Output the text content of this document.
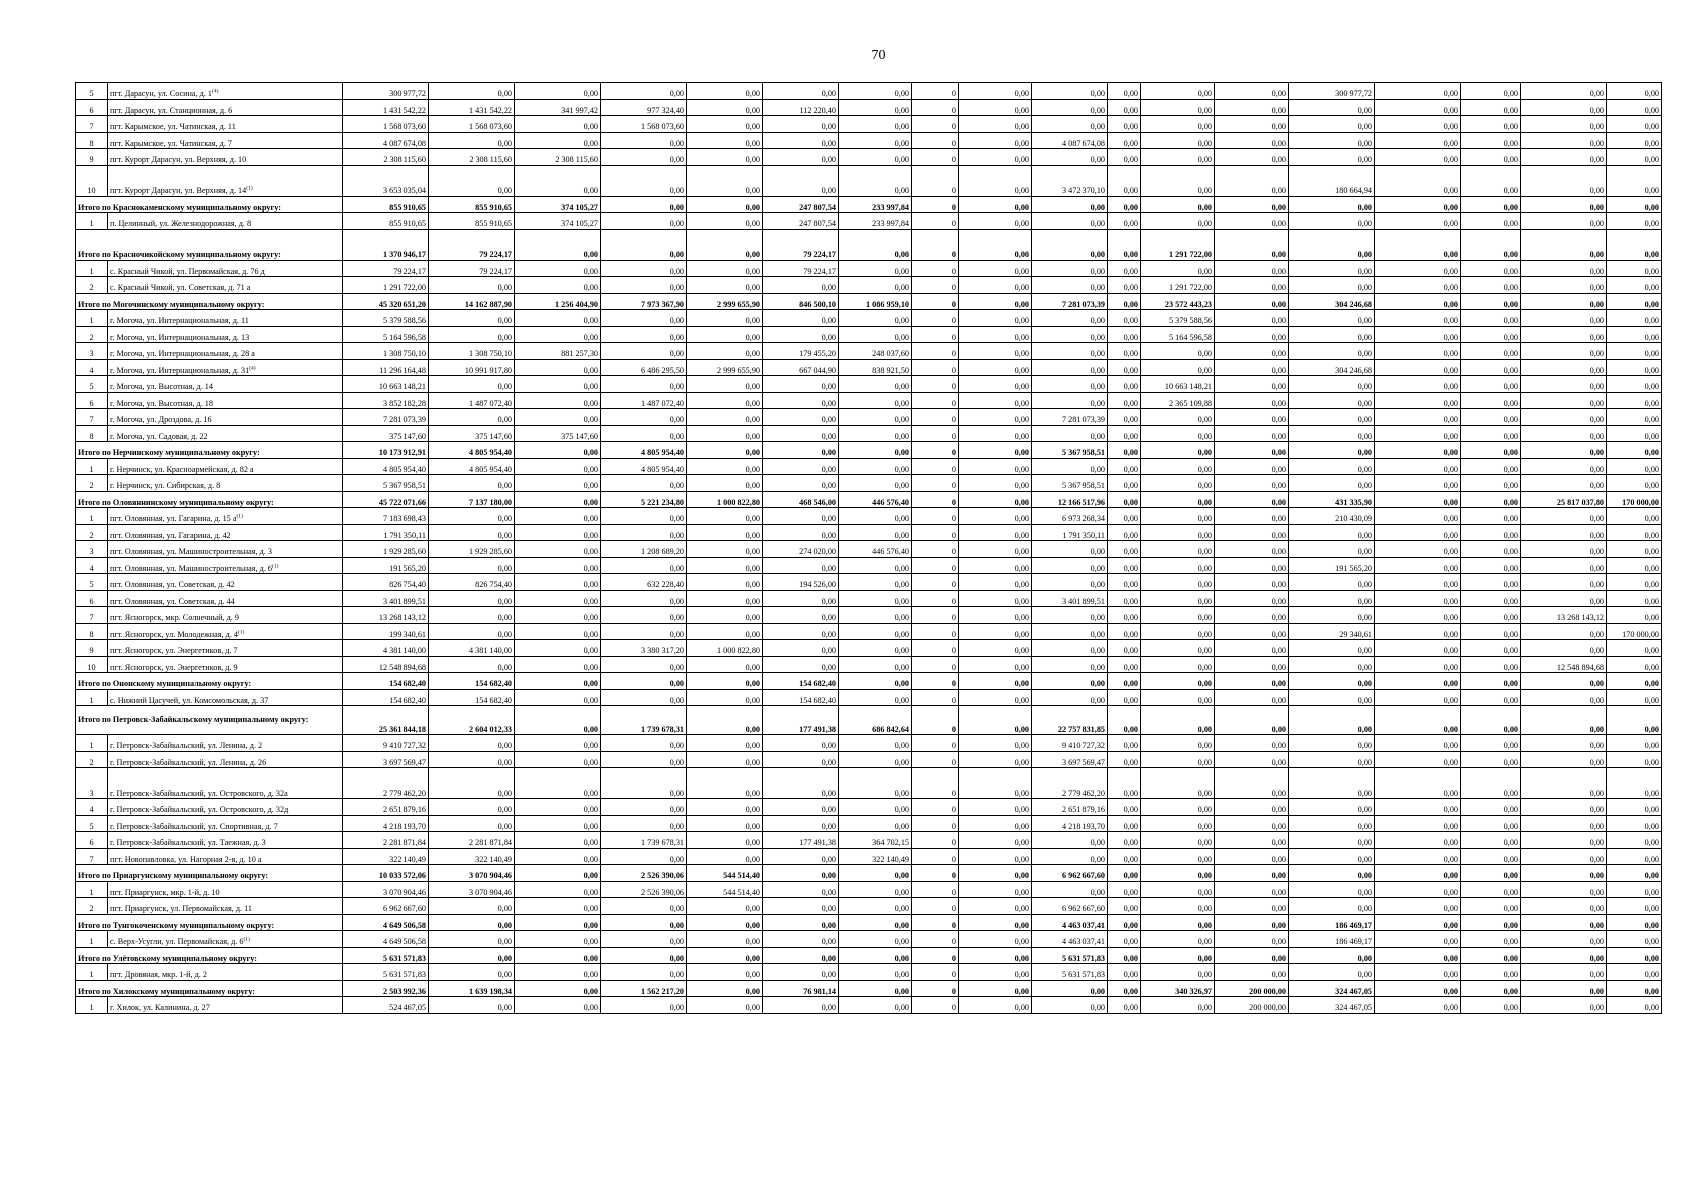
70
5	пгт. Дарасун, ул. Сосина, д. 1$^{(4)}$	300 977,72	0,00	0,00	0,00	0,00	0,00	0,00	0	0,00	0,00	0,00	0,00	0,00	300 977,72	0,00	0,00	0,00	0,00
6	пгт. Дарасун, ул. Станционная, д. 6	1 431 542,22	1 431 542,22	341 997,42	977 324,40	0,00	112 220,40	0,00	0	0,00	0,00	0,00	0,00	0,00	0,00	0,00	0,00	0,00	0,00
7	пгт. Карымское, ул. Чатинская, д. 11	1 568 073,60	1 568 073,60	0,00	1 568 073,60	0,00	0,00	0,00	0	0,00	0,00	0,00	0,00	0,00	0,00	0,00	0,00	0,00	0,00
8	пгт. Карымское, ул. Чатинская, д. 7	4 087 674,08	0,00	0,00	0,00	0,00	0,00	0,00	0	0,00	4 087 674,08	0,00	0,00	0,00	0,00	0,00	0,00	0,00	0,00
9	пгт. Курорт Дарасун, ул. Верхняя, д. 10	2 308 115,60	2 308 115,60	2 308 115,60	0,00	0,00	0,00	0,00	0	0,00	0,00	0,00	0,00	0,00	0,00	0,00	0,00	0,00	0,00
10	пгт. Курорт Дарасун, ул. Верхняя, д. 14$^{(1)}$	3 653 035,04	0,00	0,00	0,00	0,00	0,00	0,00	0	0,00	3 472 370,10	0,00	0,00	0,00	180 664,94	0,00	0,00	0,00	0,00
Итого по Краснокаменскому муниципальному округу:		855 910,65	855 910,65	374 105,27	0,00	0,00	247 807,54	233 997,84	0	0,00	0,00	0,00	0,00	0,00	0,00	0,00	0,00	0,00	0,00
1	п. Целинный, ул. Железнодорожная, д. 8	855 910,65	855 910,65	374 105,27	0,00	0,00	247 807,54	233 997,84	0	0,00	0,00	0,00	0,00	0,00	0,00	0,00	0,00	0,00	0,00
Итого по Красночикойскому муниципальному округу:		1 370 946,17	79 224,17	0,00	0,00	0,00	79 224,17	0,00	0	0,00	0,00	0,00	1 291 722,00	0,00	0,00	0,00	0,00	0,00	0,00
1	с. Красный Чикой, ул. Первомайская, д. 76 д	79 224,17	79 224,17	0,00	0,00	0,00	79 224,17	0,00	0	0,00	0,00	0,00	0,00	0,00	0,00	0,00	0,00	0,00	0,00
2	с. Красный Чикой, ул. Советская, д. 71 а	1 291 722,00	0,00	0,00	0,00	0,00	0,00	0,00	0	0,00	0,00	0,00	1 291 722,00	0,00	0,00	0,00	0,00	0,00	0,00
Итого по Могочинскому муниципальному округу:		45 320 651,20	14 162 887,90	1 256 404,90	7 973 367,90	2 999 655,90	846 500,10	1 086 959,10	0	0,00	7 281 073,39	0,00	23 572 443,23	0,00	304 246,68	0,00	0,00	0,00	0,00
1	г. Могоча, ул. Интернациональная, д. 11	5 379 588,56	0,00	0,00	0,00	0,00	0,00	0,00	0	0,00	0,00	0,00	5 379 588,56	0,00	0,00	0,00	0,00	0,00	0,00
2	г. Могоча, ул. Интернациональная, д. 13	5 164 596,58	0,00	0,00	0,00	0,00	0,00	0,00	0	0,00	0,00	0,00	5 164 596,58	0,00	0,00	0,00	0,00	0,00	0,00
3	г. Могоча, ул. Интернациональная, д. 28 а	1 308 750,10	1 308 750,10	881 257,30	0,00	0,00	179 455,20	248 037,60	0	0,00	0,00	0,00	0,00	0,00	0,00	0,00	0,00	0,00	0,00
4	г. Могоча, ул. Интернациональная, д. 31$^{(4)}$	11 296 164,48	10 991 917,80	0,00	6 486 295,50	2 999 655,90	667 044,90	838 921,50	0	0,00	0,00	0,00	0,00	0,00	304 246,68	0,00	0,00	0,00	0,00
5	г. Могоча, ул. Высотная, д. 14	10 663 148,21	0,00	0,00	0,00	0,00	0,00	0,00	0	0,00	0,00	0,00	10 663 148,21	0,00	0,00	0,00	0,00	0,00	0,00
6	г. Могоча, ул. Высотная, д. 18	3 852 182,28	1 487 072,40	0,00	1 487 072,40	0,00	0,00	0,00	0	0,00	0,00	0,00	2 365 109,88	0,00	0,00	0,00	0,00	0,00	0,00
7	г. Могоча, ул. Дроздова, д. 16	7 281 073,39	0,00	0,00	0,00	0,00	0,00	0,00	0	0,00	7 281 073,39	0,00	0,00	0,00	0,00	0,00	0,00	0,00	0,00
8	г. Могоча, ул. Садовая, д. 22	375 147,60	375 147,60	375 147,60	0,00	0,00	0,00	0,00	0	0,00	0,00	0,00	0,00	0,00	0,00	0,00	0,00	0,00	0,00
Итого по Нерчинскому муниципальному округу:		10 173 912,91	4 805 954,40	0,00	4 805 954,40	0,00	0,00	0,00	0	0,00	5 367 958,51	0,00	0,00	0,00	0,00	0,00	0,00	0,00	0,00
1	г. Нерчинск, ул. Красноармейская, д. 82 а	4 805 954,40	4 805 954,40	0,00	4 805 954,40	0,00	0,00	0,00	0	0,00	0,00	0,00	0,00	0,00	0,00	0,00	0,00	0,00	0,00
2	г. Нерчинск, ул. Сибирская, д. 8	5 367 958,51	0,00	0,00	0,00	0,00	0,00	0,00	0	0,00	5 367 958,51	0,00	0,00	0,00	0,00	0,00	0,00	0,00	0,00
Итого по Оловяннинскому муниципальному округу:		45 722 071,66	7 137 180,00	0,00	5 221 234,80	1 000 822,80	468 546,00	446 576,40	0	0,00	12 166 517,96	0,00	0,00	0,00	431 335,90	0,00	0,00	25 817 037,80	170 000,00
1	пгт. Оловянная, ул. Гагарина, д. 15 $а^{(1)}$	7 183 698,43	0,00	0,00	0,00	0,00	0,00	0,00	0	0,00	6 973 268,34	0,00	0,00	0,00	210 430,09	0,00	0,00	0,00	0,00
2	пгт. Оловянная, ул. Гагарина, д. 42	1 791 350,11	0,00	0,00	0,00	0,00	0,00	0,00	0	0,00	1 791 350,11	0,00	0,00	0,00	0,00	0,00	0,00	0,00	0,00
3	пгт. Оловянная, ул. Машиностроительная, д. 3	1 929 285,60	1 929 285,60	0,00	1 208 689,20	0,00	274 020,00	446 576,40	0	0,00	0,00	0,00	0,00	0,00	0,00	0,00	0,00	0,00	0,00
4	пгт. Оловянная, ул. Машиностроительная, д. 6$^{(1)}$	191 565,20	0,00	0,00	0,00	0,00	0,00	0,00	0	0,00	0,00	0,00	0,00	0,00	191 565,20	0,00	0,00	0,00	0,00
5	пгт. Оловянная, ул. Советская, д. 42	826 754,40	826 754,40	0,00	632 228,40	0,00	194 526,00	0,00	0	0,00	0,00	0,00	0,00	0,00	0,00	0,00	0,00	0,00	0,00
6	пгт. Оловянная, ул. Советская, д. 44	3 401 899,51	0,00	0,00	0,00	0,00	0,00	0,00	0	0,00	3 401 899,51	0,00	0,00	0,00	0,00	0,00	0,00	0,00	0,00
7	пгт. Ясногорск, мкр. Солнечный, д. 9	13 268 143,12	0,00	0,00	0,00	0,00	0,00	0,00	0	0,00	0,00	0,00	0,00	0,00	0,00	0,00	0,00	13 268 143,12	0,00
8	пгт. Ясногорск, ул. Молодежная, д. 4$^{(1)}$	199 340,61	0,00	0,00	0,00	0,00	0,00	0,00	0	0,00	0,00	0,00	0,00	0,00	29 340,61	0,00	0,00	0,00	170 000,00
9	пгт. Ясногорск, ул. Энергетиков, д. 7	4 381 140,00	4 381 140,00	0,00	3 380 317,20	1 000 822,80	0,00	0,00	0	0,00	0,00	0,00	0,00	0,00	0,00	0,00	0,00	0,00	0,00
10	пгт. Ясногорск, ул. Энергетиков, д. 9	12 548 894,68	0,00	0,00	0,00	0,00	0,00	0,00	0	0,00	0,00	0,00	0,00	0,00	0,00	0,00	0,00	12 548 894,68	0,00
Итого по Ононскому муниципальному округу:		154 682,40	154 682,40	0,00	0,00	0,00	154 682,40	0,00	0	0,00	0,00	0,00	0,00	0,00	0,00	0,00	0,00	0,00	0,00
1	с. Нижний Цасучей, ул. Комсомольская, д. 37	154 682,40	154 682,40	0,00	0,00	0,00	154 682,40	0,00	0	0,00	0,00	0,00	0,00	0,00	0,00	0,00	0,00	0,00	0,00
Итого по Петровск-Забайкальскому муниципальному округу:		25 361 844,18	2 604 012,33	0,00	1 739 678,31	0,00	177 491,38	686 842,64	0	0,00	22 757 831,85	0,00	0,00	0,00	0,00	0,00	0,00	0,00	0,00
1	г. Петровск-Забайкальский, ул. Ленина, д. 2	9 410 727,32	0,00	0,00	0,00	0,00	0,00	0,00	0	0,00	9 410 727,32	0,00	0,00	0,00	0,00	0,00	0,00	0,00	0,00
2	г. Петровск-Забайкальский, ул. Ленина, д. 26	3 697 569,47	0,00	0,00	0,00	0,00	0,00	0,00	0	0,00	3 697 569,47	0,00	0,00	0,00	0,00	0,00	0,00	0,00	0,00
3	г. Петровск-Забайкальский, ул. Островского, д. 32а	2 779 462,20	0,00	0,00	0,00	0,00	0,00	0,00	0	0,00	2 779 462,20	0,00	0,00	0,00	0,00	0,00	0,00	0,00	0,00
4	г. Петровск-Забайкальский, ул. Островского, д. 32д	2 651 879,16	0,00	0,00	0,00	0,00	0,00	0,00	0	0,00	2 651 879,16	0,00	0,00	0,00	0,00	0,00	0,00	0,00	0,00
5	г. Петровск-Забайкальский, ул. Спортивная, д. 7	4 218 193,70	0,00	0,00	0,00	0,00	0,00	0,00	0	0,00	4 218 193,70	0,00	0,00	0,00	0,00	0,00	0,00	0,00	0,00
6	г. Петровск-Забайкальский, ул. Таежная, д. 3	2 281 871,84	2 281 871,84	0,00	1 739 678,31	0,00	177 491,38	364 702,15	0	0,00	0,00	0,00	0,00	0,00	0,00	0,00	0,00	0,00	0,00
7	пгт. Новопавловка, ул. Нагорная 2-я, д. 10 а	322 140,49	322 140,49	0,00	0,00	0,00	0,00	322 140,49	0	0,00	0,00	0,00	0,00	0,00	0,00	0,00	0,00	0,00	0,00
Итого по Приаргунскому муниципальному округу:		10 033 572,06	3 070 904,46	0,00	2 526 390,06	544 514,40	0,00	0,00	0	0,00	6 962 667,60	0,00	0,00	0,00	0,00	0,00	0,00	0,00	0,00
1	пгт. Приаргунск, мкр. 1-й, д. 10	3 070 904,46	3 070 904,46	0,00	2 526 390,06	544 514,40	0,00	0,00	0	0,00	0,00	0,00	0,00	0,00	0,00	0,00	0,00	0,00	0,00
2	пгт. Приаргунск, ул. Первомайская, д. 11	6 962 667,60	0,00	0,00	0,00	0,00	0,00	0,00	0	0,00	6 962 667,60	0,00	0,00	0,00	0,00	0,00	0,00	0,00	0,00
Итого по Тунгокоченскому муниципальному округу:		4 649 506,58	0,00	0,00	0,00	0,00	0,00	0,00	0	0,00	4 463 037,41	0,00	0,00	0,00	186 469,17	0,00	0,00	0,00	0,00
1	с. Верх-Усугли, ул. Первомайская, д. 6$^{(1)}$	4 649 506,58	0,00	0,00	0,00	0,00	0,00	0,00	0	0,00	4 463 037,41	0,00	0,00	0,00	186 469,17	0,00	0,00	0,00	0,00
Итого по Улётовскому муниципальному округу:		5 631 571,83	0,00	0,00	0,00	0,00	0,00	0,00	0	0,00	5 631 571,83	0,00	0,00	0,00	0,00	0,00	0,00	0,00	0,00
1	пгт. Дровяная, мкр. 1-й, д. 2	5 631 571,83	0,00	0,00	0,00	0,00	0,00	0,00	0	0,00	5 631 571,83	0,00	0,00	0,00	0,00	0,00	0,00	0,00	0,00
Итого по Хилокскому муниципальному округу:		2 503 992,36	1 639 198,34	0,00	1 562 217,20	0,00	76 981,14	0,00	0	0,00	0,00	0,00	340 326,97	200 000,00	324 467,05	0,00	0,00	0,00	0,00
1	г. Хилок, ул. Калинина, д. 27	524 467,05	0,00	0,00	0,00	0,00	0,00	0,00	0	0,00	0,00	0,00	0,00	200 000,00	324 467,05	0,00	0,00	0,00	0,00
